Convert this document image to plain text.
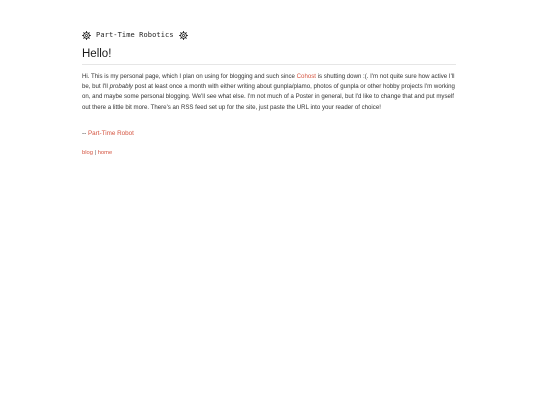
Part-Time Robotics
Hello!

Hi. This is my personal page, which I plan on using for blogging and such since Cohost is shutting down :(. I'm not quite sure how active I'll be, but I'll probably post at least once a month with either writing about gunpla/plamo, photos of gunpla or other hobby projects I'm working on, and maybe some personal blogging. We'll see what else. I'm not much of a Poster in general, but I'd like to change that and put myself out there a little bit more. There's an RSS feed set up for the site, just paste the URL into your reader of choice!

-- Part-Time Robot

blog | home
